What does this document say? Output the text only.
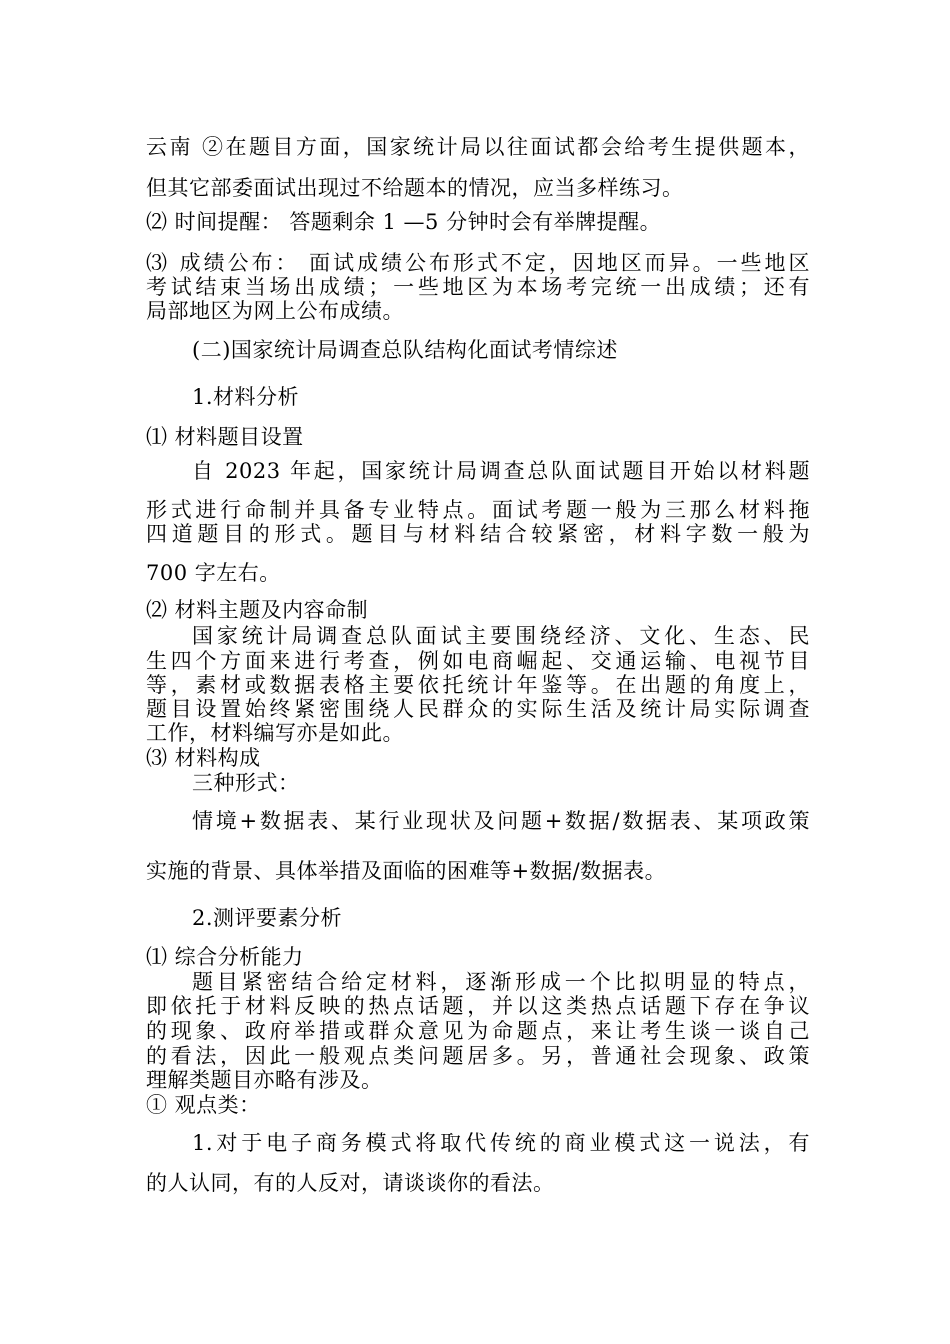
云南 ②在题目方面，国家统计局以往面试都会给考生提供题本，
但其它部委面试出现过不给题本的情况，应当多样练习。
⑵ 时间提醒： 答题剩余 1 —5 分钟时会有举牌提醒。
⑶ 成绩公布： 面试成绩公布形式不定，因地区而异。一些地区
考试结束当场出成绩；一些地区为本场考完统一出成绩；还有
局部地区为网上公布成绩。
(二)国家统计局调查总队结构化面试考情综述
1.材料分析
⑴ 材料题目设置
自 2023 年起，国家统计局调查总队面试题目开始以材料题
形式进行命制并具备专业特点。面试考题一般为三那么材料拖
四道题目的形式。题目与材料结合较紧密，材料字数一般为
700 字左右。
⑵ 材料主题及内容命制
国家统计局调查总队面试主要围绕经济、文化、生态、民
生四个方面来进行考查，例如电商崛起、交通运输、电视节目
等，素材或数据表格主要依托统计年鉴等。在出题的角度上，
题目设置始终紧密围绕人民群众的实际生活及统计局实际调查
工作，材料编写亦是如此。
⑶ 材料构成
三种形式：
情境+数据表、某行业现状及问题+数据/数据表、某项政策
实施的背景、具体举措及面临的困难等+数据/数据表。
2.测评要素分析
⑴ 综合分析能力
题目紧密结合给定材料，逐渐形成一个比拟明显的特点，
即依托于材料反映的热点话题，并以这类热点话题下存在争议
的现象、政府举措或群众意见为命题点，来让考生谈一谈自己
的看法，因此一般观点类问题居多。另，普通社会现象、政策
理解类题目亦略有涉及。
① 观点类：
1.对于电子商务模式将取代传统的商业模式这一说法，有
的人认同，有的人反对，请谈谈你的看法。
